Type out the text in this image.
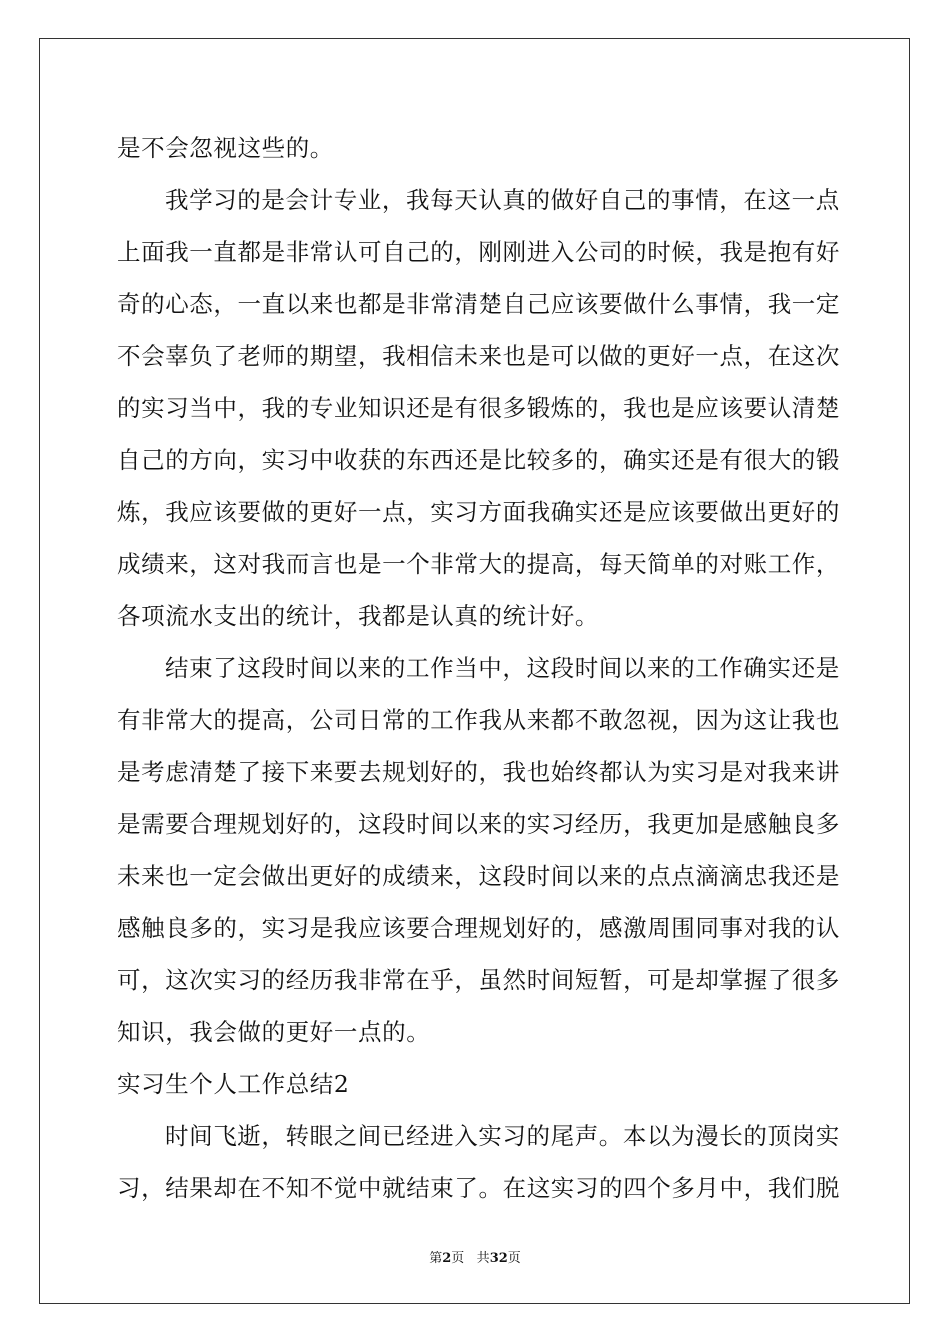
是不会忽视这些的。
我学习的是会计专业，我每天认真的做好自己的事情，在这一点
上面我一直都是非常认可自己的，刚刚进入公司的时候，我是抱有好
奇的心态，一直以来也都是非常清楚自己应该要做什么事情，我一定
不会辜负了老师的期望，我相信未来也是可以做的更好一点，在这次
的实习当中，我的专业知识还是有很多锻炼的，我也是应该要认清楚
自己的方向，实习中收获的东西还是比较多的，确实还是有很大的锻
炼，我应该要做的更好一点，实习方面我确实还是应该要做出更好的
成绩来，这对我而言也是一个非常大的提高，每天简单的对账工作，
各项流水支出的统计，我都是认真的统计好。
结束了这段时间以来的工作当中，这段时间以来的工作确实还是
有非常大的提高，公司日常的工作我从来都不敢忽视，因为这让我也
是考虑清楚了接下来要去规划好的，我也始终都认为实习是对我来讲
是需要合理规划好的，这段时间以来的实习经历，我更加是感触良多
未来也一定会做出更好的成绩来，这段时间以来的点点滴滴忠我还是
感触良多的，实习是我应该要合理规划好的，感激周围同事对我的认
可，这次实习的经历我非常在乎，虽然时间短暂，可是却掌握了很多
知识，我会做的更好一点的。
实习生个人工作总结2
时间飞逝，转眼之间已经进入实习的尾声。本以为漫长的顶岗实
习，结果却在不知不觉中就结束了。在这实习的四个多月中，我们脱
第2页 共32页
